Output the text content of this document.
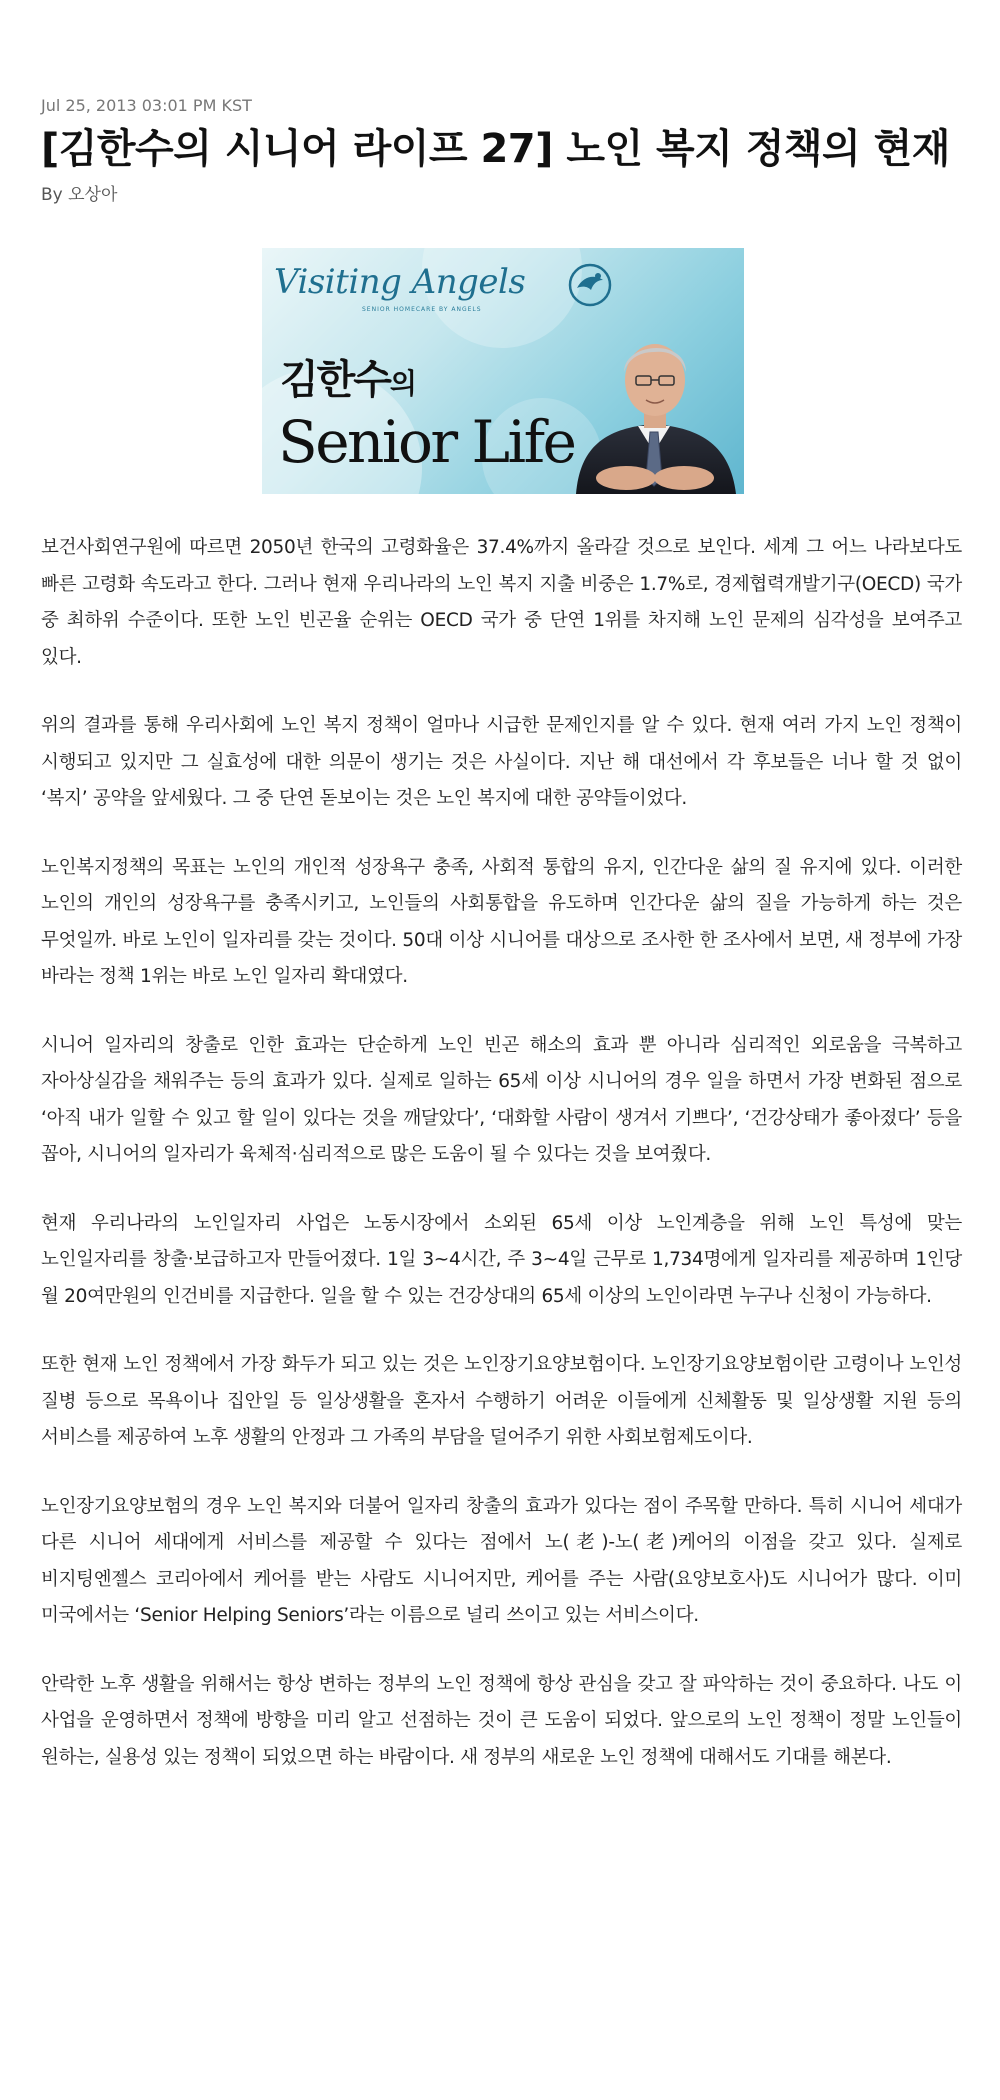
Jul 25, 2013 03:01 PM KST
[김한수의 시니어 라이프 27] 노인 복지 정책의 현재
By 오상아
Visiting Angels
SENIOR HOMECARE BY ANGELS
김한수의
Senior Life

보건사회연구원에 따르면 2050년 한국의 고령화율은 37.4%까지 올라갈 것으로 보인다. 세계 그 어느 나라보다도 빠른 고령화 속도라고 한다. 그러나 현재 우리나라의 노인 복지 지출 비중은 1.7%로, 경제협력개발기구(OECD) 국가 중 최하위 수준이다. 또한 노인 빈곤율 순위는 OECD 국가 중 단연 1위를 차지해 노인 문제의 심각성을 보여주고 있다.

위의 결과를 통해 우리사회에 노인 복지 정책이 얼마나 시급한 문제인지를 알 수 있다. 현재 여러 가지 노인 정책이 시행되고 있지만 그 실효성에 대한 의문이 생기는 것은 사실이다. 지난 해 대선에서 각 후보들은 너나 할 것 없이 ‘복지’ 공약을 앞세웠다. 그 중 단연 돋보이는 것은 노인 복지에 대한 공약들이었다.

노인복지정책의 목표는 노인의 개인적 성장욕구 충족, 사회적 통합의 유지, 인간다운 삶의 질 유지에 있다. 이러한 노인의 개인의 성장욕구를 충족시키고, 노인들의 사회통합을 유도하며 인간다운 삶의 질을 가능하게 하는 것은 무엇일까. 바로 노인이 일자리를 갖는 것이다. 50대 이상 시니어를 대상으로 조사한 한 조사에서 보면, 새 정부에 가장 바라는 정책 1위는 바로 노인 일자리 확대였다.

시니어 일자리의 창출로 인한 효과는 단순하게 노인 빈곤 해소의 효과 뿐 아니라 심리적인 외로움을 극복하고 자아상실감을 채워주는 등의 효과가 있다. 실제로 일하는 65세 이상 시니어의 경우 일을 하면서 가장 변화된 점으로 ‘아직 내가 일할 수 있고 할 일이 있다는 것을 깨달았다’, ‘대화할 사람이 생겨서 기쁘다’, ‘건강상태가 좋아졌다’ 등을 꼽아, 시니어의 일자리가 육체적·심리적으로 많은 도움이 될 수 있다는 것을 보여줬다.

현재 우리나라의 노인일자리 사업은 노동시장에서 소외된 65세 이상 노인계층을 위해 노인 특성에 맞는 노인일자리를 창출·보급하고자 만들어졌다. 1일 3~4시간, 주 3~4일 근무로 1,734명에게 일자리를 제공하며 1인당 월 20여만원의 인건비를 지급한다. 일을 할 수 있는 건강상대의 65세 이상의 노인이라면 누구나 신청이 가능하다.

또한 현재 노인 정책에서 가장 화두가 되고 있는 것은 노인장기요양보험이다. 노인장기요양보험이란 고령이나 노인성 질병 등으로 목욕이나 집안일 등 일상생활을 혼자서 수행하기 어려운 이들에게 신체활동 및 일상생활 지원 등의 서비스를 제공하여 노후 생활의 안정과 그 가족의 부담을 덜어주기 위한 사회보험제도이다.

노인장기요양보험의 경우 노인 복지와 더불어 일자리 창출의 효과가 있다는 점이 주목할 만하다. 특히 시니어 세대가 다른 시니어 세대에게 서비스를 제공할 수 있다는 점에서 노(老)-노(老)케어의 이점을 갖고 있다. 실제로 비지팅엔젤스 코리아에서 케어를 받는 사람도 시니어지만, 케어를 주는 사람(요양보호사)도 시니어가 많다. 이미 미국에서는 ‘Senior Helping Seniors’라는 이름으로 널리 쓰이고 있는 서비스이다.

안락한 노후 생활을 위해서는 항상 변하는 정부의 노인 정책에 항상 관심을 갖고 잘 파악하는 것이 중요하다. 나도 이 사업을 운영하면서 정책에 방향을 미리 알고 선점하는 것이 큰 도움이 되었다. 앞으로의 노인 정책이 정말 노인들이 원하는, 실용성 있는 정책이 되었으면 하는 바람이다. 새 정부의 새로운 노인 정책에 대해서도 기대를 해본다.
